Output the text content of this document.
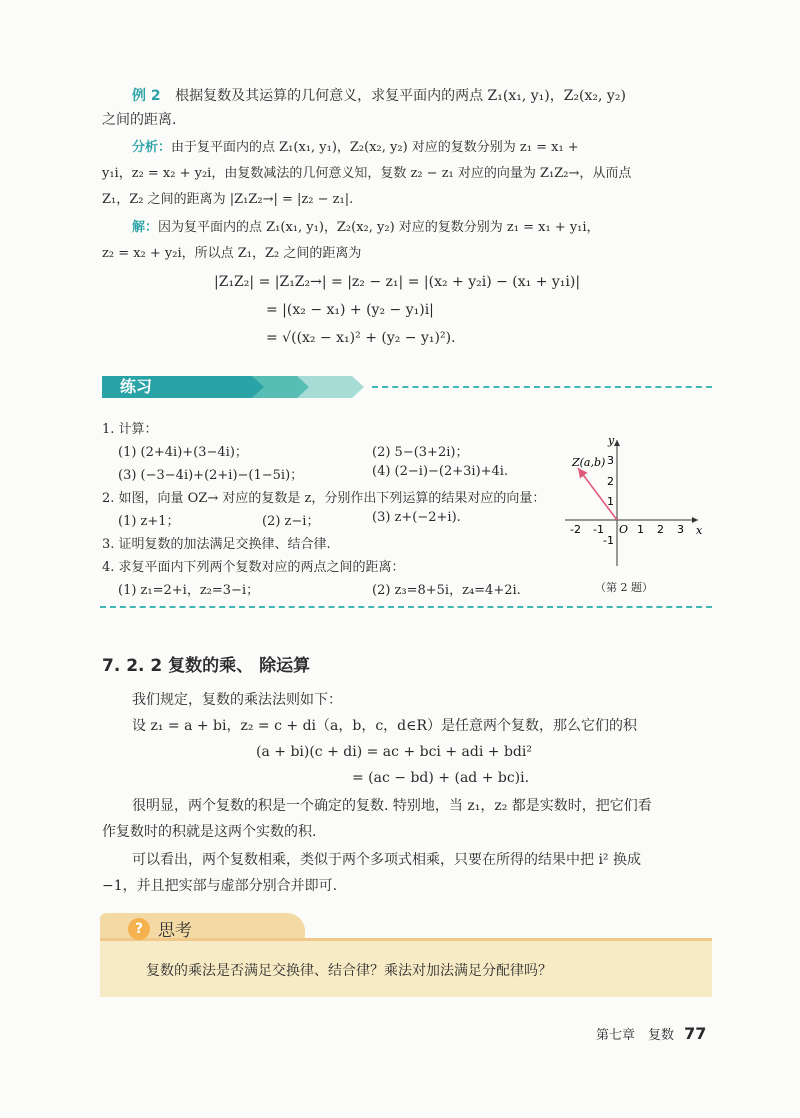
例 2 根据复数及其运算的几何意义，求复平面内的两点 Z₁(x₁, y₁)，Z₂(x₂, y₂)
之间的距离.
分析：由于复平面内的点 Z₁(x₁, y₁)，Z₂(x₂, y₂) 对应的复数分别为 z₁ = x₁ +
y₁i，z₂ = x₂ + y₂i，由复数减法的几何意义知，复数 z₂ − z₁ 对应的向量为 Z₁Z₂→，从而点
Z₁，Z₂ 之间的距离为 |Z₁Z₂→| = |z₂ − z₁|.
解：因为复平面内的点 Z₁(x₁, y₁)，Z₂(x₂, y₂) 对应的复数分别为 z₁ = x₁ + y₁i，
z₂ = x₂ + y₂i，所以点 Z₁，Z₂ 之间的距离为
|Z₁Z₂| = |Z₁Z₂→| = |z₂ − z₁| = |(x₂ + y₂i) − (x₁ + y₁i)|
= |(x₂ − x₁) + (y₂ − y₁)i|
= √((x₂ − x₁)² + (y₂ − y₁)²).
练习
1. 计算：
(1) (2+4i)+(3−4i)；	(2) 5−(3+2i)；
(3) (−3−4i)+(2+i)−(1−5i)；	(4) (2−i)−(2+3i)+4i.
2. 如图，向量 OZ→ 对应的复数是 z，分别作出下列运算的结果对应的向量：
(1) z+1；	(2) z−i；	(3) z+(−2+i).
3. 证明复数的加法满足交换律、结合律.
4. 求复平面内下列两个复数对应的两点之间的距离：
(1) z₁=2+i，z₂=3−i；	(2) z₃=8+5i，z₄=4+2i.
Z(a,b)
x
y
O
-2 -1	1 2 3
3
2
1
-1
（第 2 题）
7. 2. 2 复数的乘、 除运算
我们规定，复数的乘法法则如下：
设 z₁ = a + bi，z₂ = c + di（a，b，c，d∈R）是任意两个复数，那么它们的积
(a + bi)(c + di) = ac + bci + adi + bdi²
= (ac − bd) + (ad + bc)i.
很明显，两个复数的积是一个确定的复数. 特别地，当 z₁，z₂ 都是实数时，把它们看
作复数时的积就是这两个实数的积.
可以看出，两个复数相乘，类似于两个多项式相乘，只要在所得的结果中把 i² 换成
−1，并且把实部与虚部分别合并即可.
? 思考
复数的乘法是否满足交换律、结合律？乘法对加法满足分配律吗？
第七章　复数 77
